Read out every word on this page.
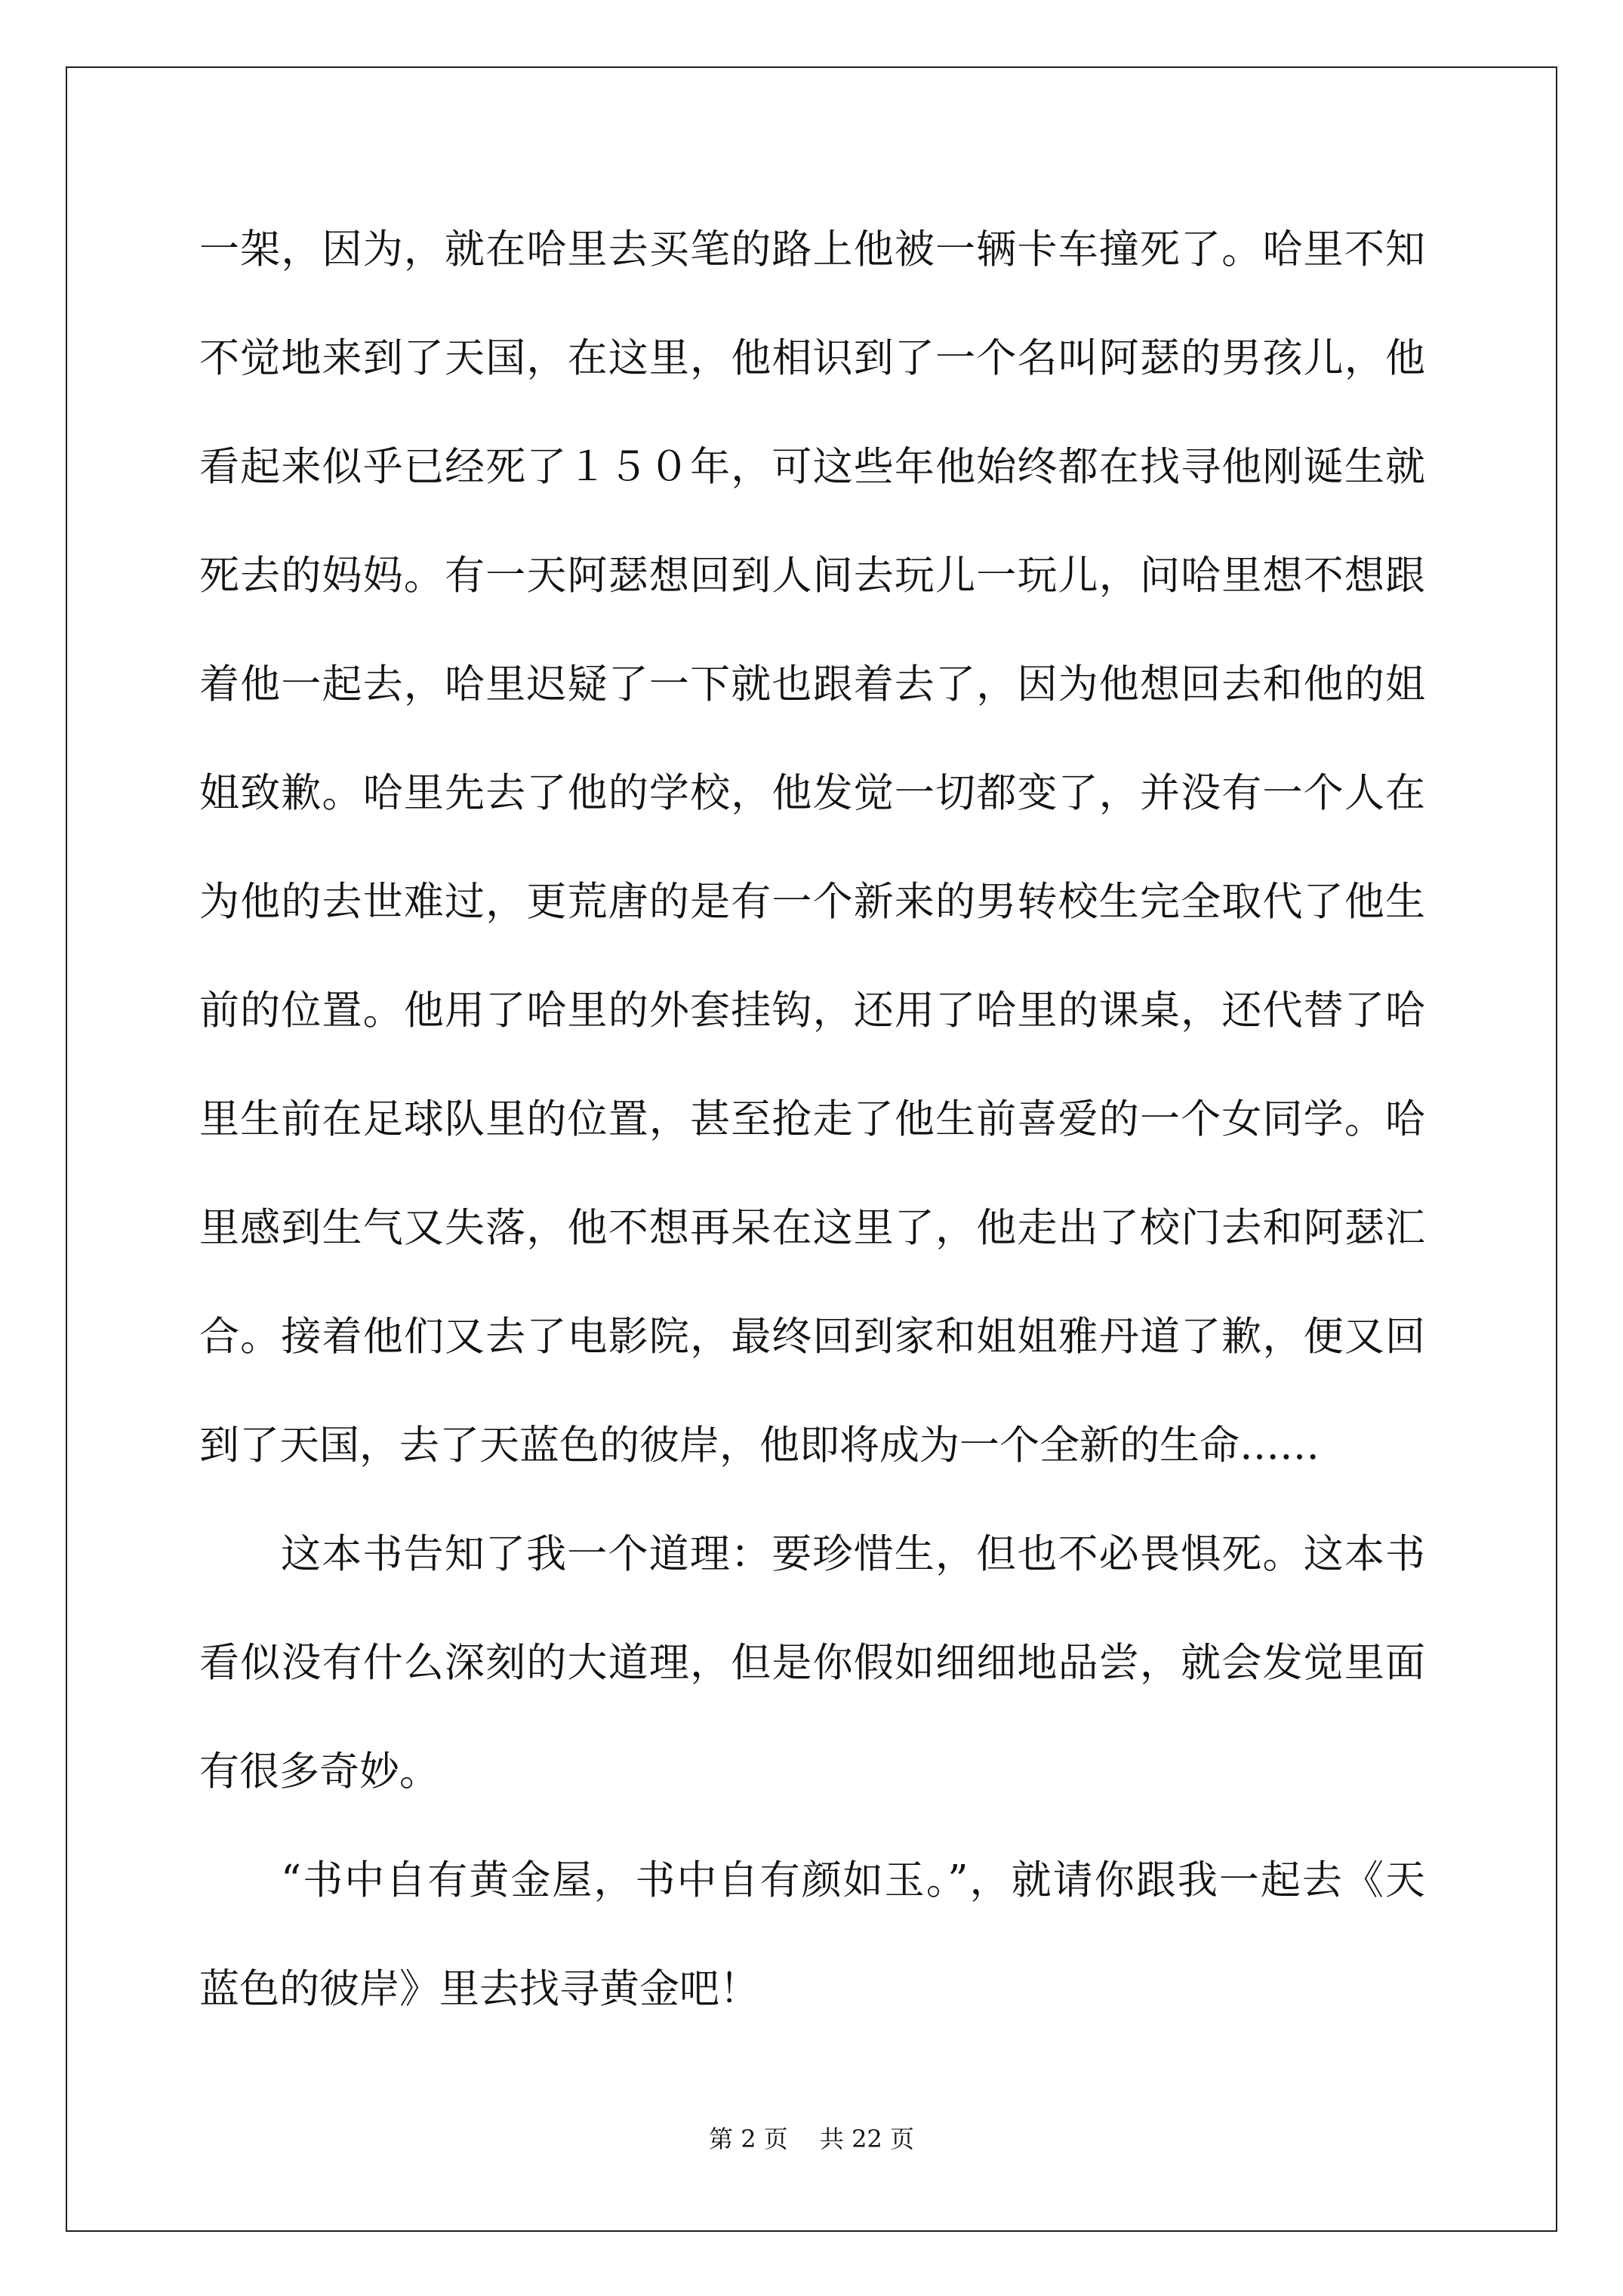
一架，因为，就在哈里去买笔的路上他被一辆卡车撞死了。哈里不知
不觉地来到了天国，在这里，他相识到了一个名叫阿瑟的男孩儿，他
看起来似乎已经死了１５０年，可这些年他始终都在找寻他刚诞生就
死去的妈妈。有一天阿瑟想回到人间去玩儿一玩儿，问哈里想不想跟
着他一起去，哈里迟疑了一下就也跟着去了，因为他想回去和他的姐
姐致歉。哈里先去了他的学校，他发觉一切都变了，并没有一个人在
为他的去世难过，更荒唐的是有一个新来的男转校生完全取代了他生
前的位置。他用了哈里的外套挂钩，还用了哈里的课桌，还代替了哈
里生前在足球队里的位置，甚至抢走了他生前喜爱的一个女同学。哈
里感到生气又失落，他不想再呆在这里了，他走出了校门去和阿瑟汇
合。接着他们又去了电影院，最终回到家和姐姐雅丹道了歉，便又回
到了天国，去了天蓝色的彼岸，他即将成为一个全新的生命……
这本书告知了我一个道理：要珍惜生，但也不必畏惧死。这本书
看似没有什么深刻的大道理，但是你假如细细地品尝，就会发觉里面
有很多奇妙。
“书中自有黄金屋，书中自有颜如玉。”，就请你跟我一起去《天
蓝色的彼岸》里去找寻黄金吧！
第 2 页　 共 22 页
